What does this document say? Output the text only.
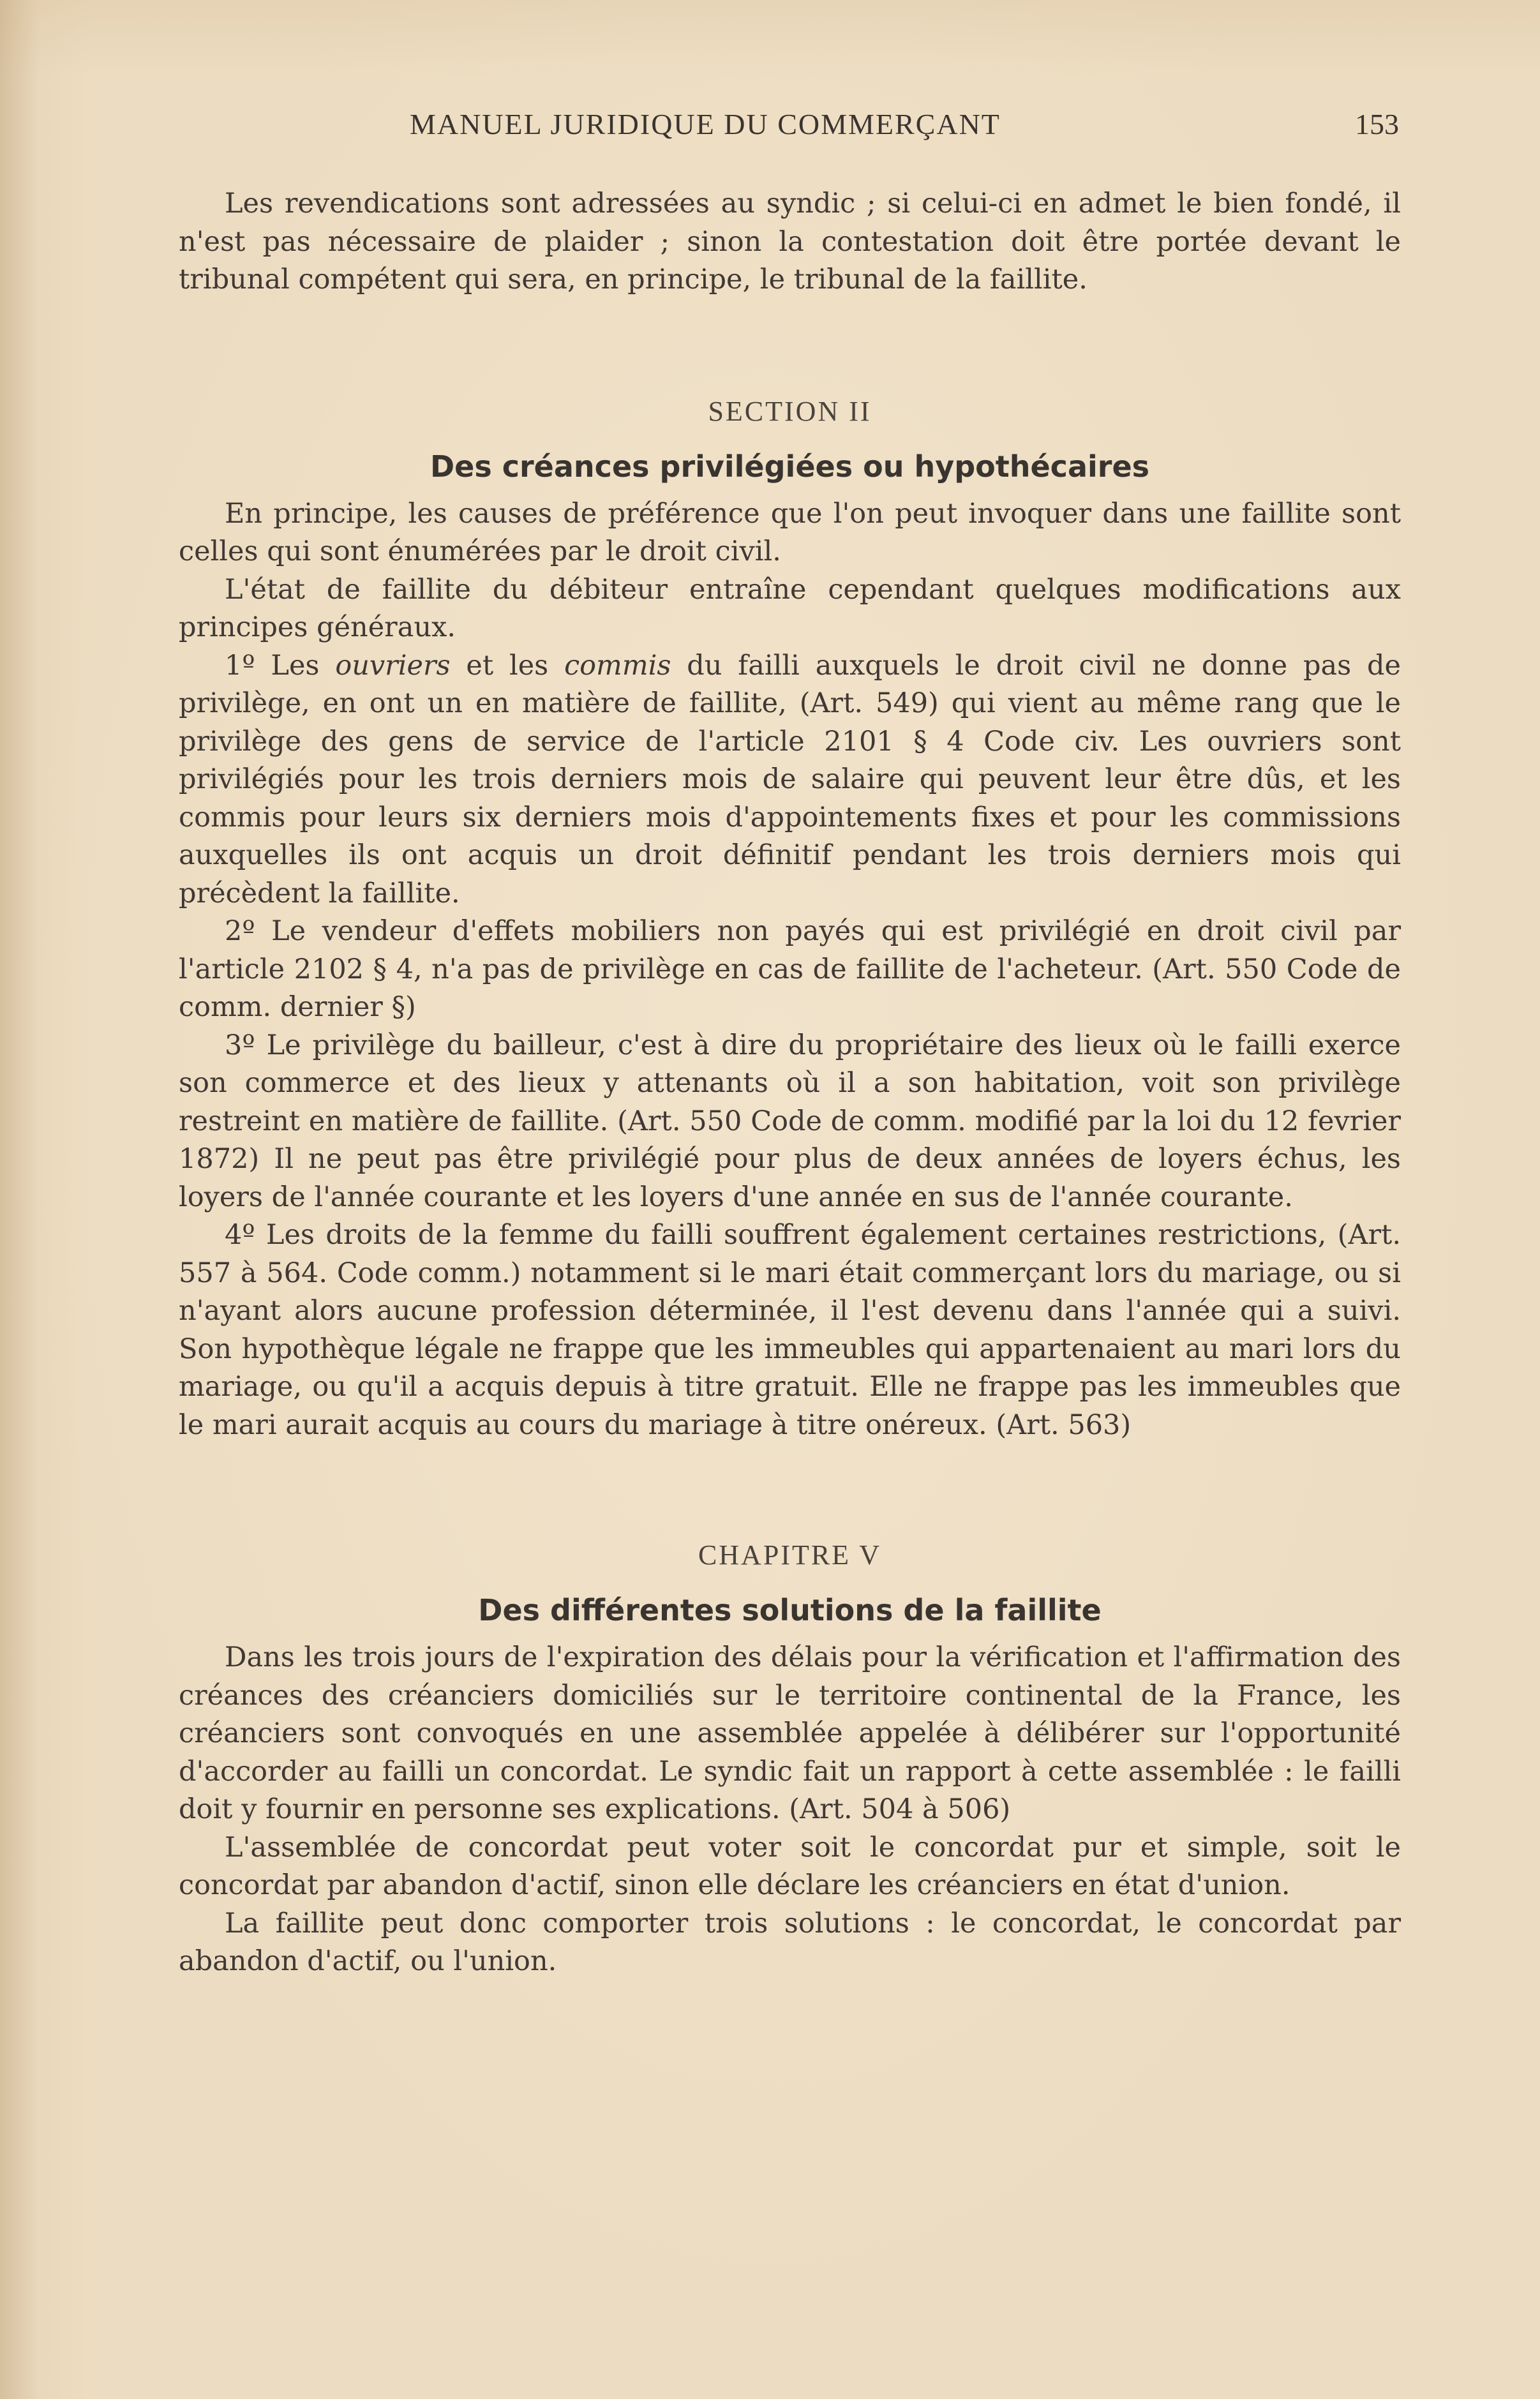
MANUEL JURIDIQUE DU COMMERÇANT	153

Les revendications sont adressées au syndic ; si celui-ci en admet le bien fondé, il n'est pas nécessaire de plaider ; sinon la contestation doit être portée devant le tribunal compétent qui sera, en principe, le tribunal de la faillite.

SECTION II
Des créances privilégiées ou hypothécaires

En principe, les causes de préférence que l'on peut invoquer dans une faillite sont celles qui sont énumérées par le droit civil.

L'état de faillite du débiteur entraîne cependant quelques modifications aux principes généraux.

1º Les ouvriers et les commis du failli auxquels le droit civil ne donne pas de privilège, en ont un en matière de faillite, (Art. 549) qui vient au même rang que le privilège des gens de service de l'article 2101 § 4 Code civ. Les ouvriers sont privilégiés pour les trois derniers mois de salaire qui peuvent leur être dûs, et les commis pour leurs six derniers mois d'appointements fixes et pour les commissions auxquelles ils ont acquis un droit définitif pendant les trois derniers mois qui précèdent la faillite.

2º Le vendeur d'effets mobiliers non payés qui est privilégié en droit civil par l'article 2102 § 4, n'a pas de privilège en cas de faillite de l'acheteur. (Art. 550 Code de comm. dernier §)

3º Le privilège du bailleur, c'est à dire du propriétaire des lieux où le failli exerce son commerce et des lieux y attenants où il a son habitation, voit son privilège restreint en matière de faillite. (Art. 550 Code de comm. modifié par la loi du 12 fevrier 1872) Il ne peut pas être privilégié pour plus de deux années de loyers échus, les loyers de l'année courante et les loyers d'une année en sus de l'année courante.

4º Les droits de la femme du failli souffrent également certaines restrictions, (Art. 557 à 564. Code comm.) notamment si le mari était commerçant lors du mariage, ou si n'ayant alors aucune profession déterminée, il l'est devenu dans l'année qui a suivi. Son hypothèque légale ne frappe que les immeubles qui appartenaient au mari lors du mariage, ou qu'il a acquis depuis à titre gratuit. Elle ne frappe pas les immeubles que le mari aurait acquis au cours du mariage à titre onéreux. (Art. 563)

CHAPITRE V
Des différentes solutions de la faillite

Dans les trois jours de l'expiration des délais pour la vérification et l'affirmation des créances des créanciers domiciliés sur le territoire continental de la France, les créanciers sont convoqués en une assemblée appelée à délibérer sur l'opportunité d'accorder au failli un concordat. Le syndic fait un rapport à cette assemblée : le failli doit y fournir en personne ses explications. (Art. 504 à 506)

L'assemblée de concordat peut voter soit le concordat pur et simple, soit le concordat par abandon d'actif, sinon elle déclare les créanciers en état d'union.

La faillite peut donc comporter trois solutions : le concordat, le concordat par abandon d'actif, ou l'union.
